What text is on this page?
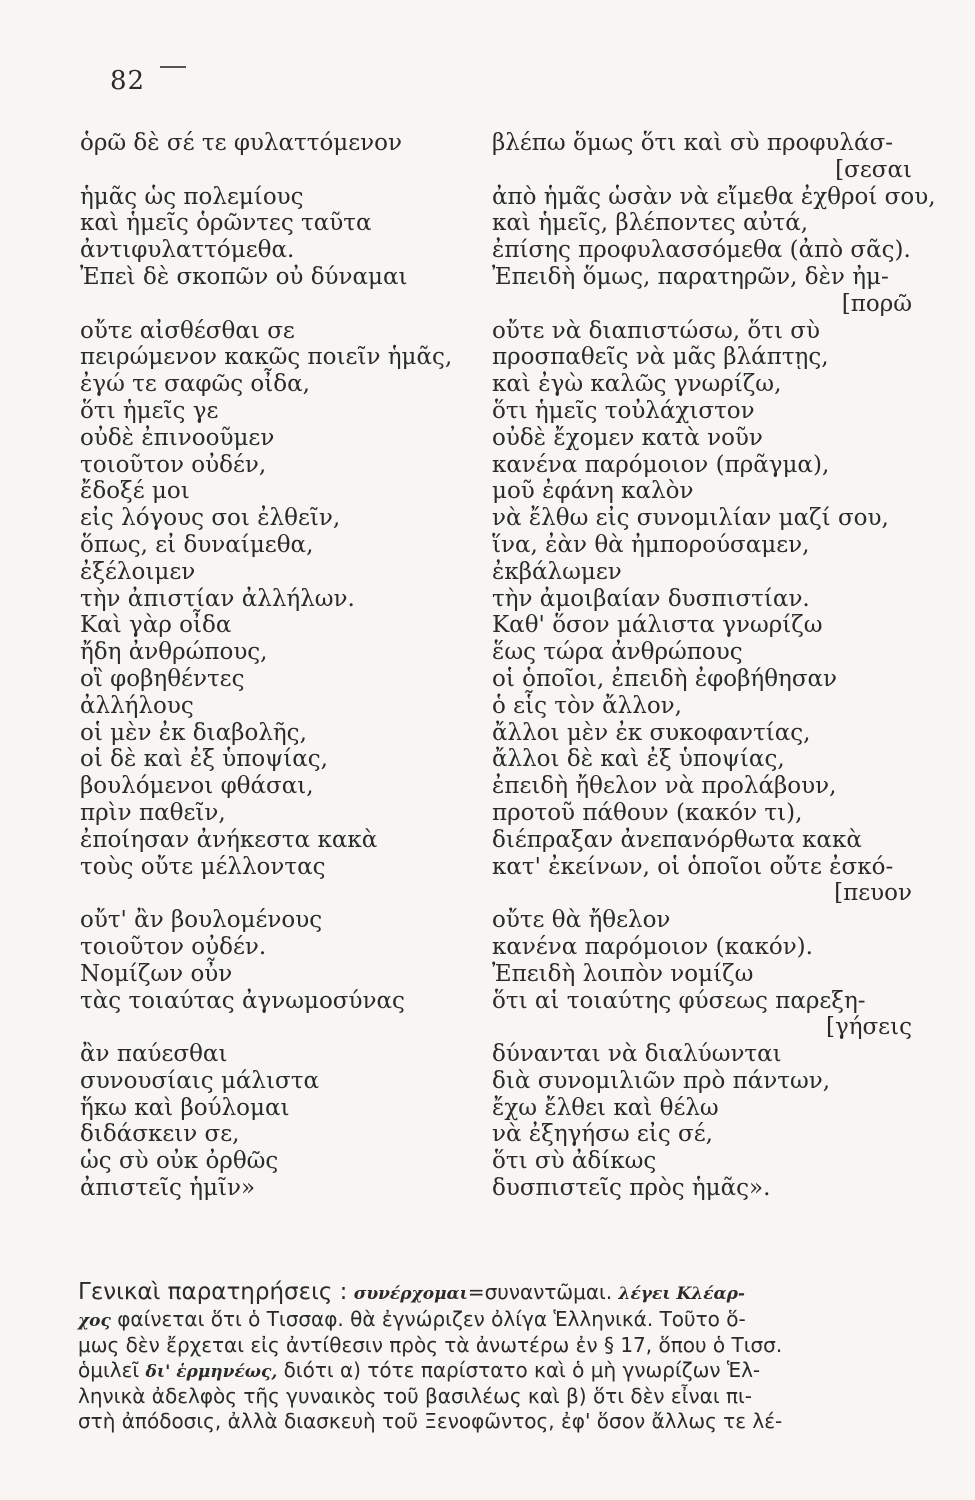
82
ὁρῶ δὲ σέ τε φυλαττόμενον
ἡμᾶς ὡς πολεμίους
καὶ ἡμεῖς ὁρῶντες ταῦτα
ἀντιφυλαττόμεθα.
Ἐπεὶ δὲ σκοπῶν οὐ δύναμαι
οὔτε αἰσθέσθαι σε
πειρώμενον κακῶς ποιεῖν ἡμᾶς,
ἐγώ τε σαφῶς οἶδα,
ὅτι ἡμεῖς γε
οὐδὲ ἐπινοοῦμεν
τοιοῦτον οὐδέν,
ἔδοξέ μοι
εἰς λόγους σοι ἐλθεῖν,
ὅπως, εἰ δυναίμεθα,
ἐξέλοιμεν
τὴν ἀπιστίαν ἀλλήλων.
Καὶ γὰρ οἶδα
ἤδη ἀνθρώπους,
οἳ φοβηθέντες
ἀλλήλους
οἱ μὲν ἐκ διαβολῆς,
οἱ δὲ καὶ ἐξ ὑποψίας,
βουλόμενοι φθάσαι,
πρὶν παθεῖν,
ἐποίησαν ἀνήκεστα κακὰ
τοὺς οὔτε μέλλοντας
οὔτ' ἂν βουλομένους
τοιοῦτον οὐδέν.
Νομίζων οὖν
τὰς τοιαύτας ἀγνωμοσύνας
ἂν παύεσθαι
συνουσίαις μάλιστα
ἥκω καὶ βούλομαι
διδάσκειν σε,
ὡς σὺ οὐκ ὀρθῶς
ἀπιστεῖς ἡμῖν»
βλέπω ὅμως ὅτι καὶ σὺ προφυλάσ-
[σεσαι
ἀπὸ ἡμᾶς ὡσὰν νὰ εἴμεθα ἐχθροί σου,
καὶ ἡμεῖς, βλέποντες αὐτά,
ἐπίσης προφυλασσόμεθα (ἀπὸ σᾶς).
Ἐπειδὴ ὅμως, παρατηρῶν, δὲν ἠμ-
[πορῶ
οὔτε νὰ διαπιστώσω, ὅτι σὺ
προσπαθεῖς νὰ μᾶς βλάπτῃς,
καὶ ἐγὼ καλῶς γνωρίζω,
ὅτι ἡμεῖς τοὐλάχιστον
οὐδὲ ἔχομεν κατὰ νοῦν
κανένα παρόμοιον (πρᾶγμα),
μοῦ ἐφάνη καλὸν
νὰ ἔλθω εἰς συνομιλίαν μαζί σου,
ἵνα, ἐὰν θὰ ἠμπορούσαμεν,
ἐκβάλωμεν
τὴν ἀμοιβαίαν δυσπιστίαν.
Καθ' ὅσον μάλιστα γνωρίζω
ἕως τώρα ἀνθρώπους
οἱ ὁποῖοι, ἐπειδὴ ἐφοβήθησαν
ὁ εἷς τὸν ἄλλον,
ἄλλοι μὲν ἐκ συκοφαντίας,
ἄλλοι δὲ καὶ ἐξ ὑποψίας,
ἐπειδὴ ἤθελον νὰ προλάβουν,
προτοῦ πάθουν (κακόν τι),
διέπραξαν ἀνεπανόρθωτα κακὰ
κατ' ἐκείνων, οἱ ὁποῖοι οὔτε ἐσκό-
[πευον
οὔτε θὰ ἤθελον
κανένα παρόμοιον (κακόν).
Ἐπειδὴ λοιπὸν νομίζω
ὅτι αἱ τοιαύτης φύσεως παρεξη-
[γήσεις
δύνανται νὰ διαλύωνται
διὰ συνομιλιῶν πρὸ πάντων,
ἔχω ἔλθει καὶ θέλω
νὰ ἐξηγήσω εἰς σέ,
ὅτι σὺ ἀδίκως
δυσπιστεῖς πρὸς ἡμᾶς».
Γενικαὶ παρατηρήσεις : συνέρχομαι=συναντῶμαι. λέγει Κλέαρ-
χος φαίνεται ὅτι ὁ Τισσαφ. θὰ ἐγνώριζεν ὀλίγα Ἑλληνικά. Τοῦτο ὅ-
μως δὲν ἔρχεται εἰς ἀντίθεσιν πρὸς τὰ ἀνωτέρω ἐν § 17, ὅπου ὁ Τισσ.
ὁμιλεῖ δι' ἑρμηνέως, διότι α) τότε παρίστατο καὶ ὁ μὴ γνωρίζων Ἑλ-
ληνικὰ ἀδελφὸς τῆς γυναικὸς τοῦ βασιλέως καὶ β) ὅτι δὲν εἶναι πι-
στὴ ἀπόδοσις, ἀλλὰ διασκευὴ τοῦ Ξενοφῶντος, ἐφ' ὅσον ἄλλως τε λέ-
